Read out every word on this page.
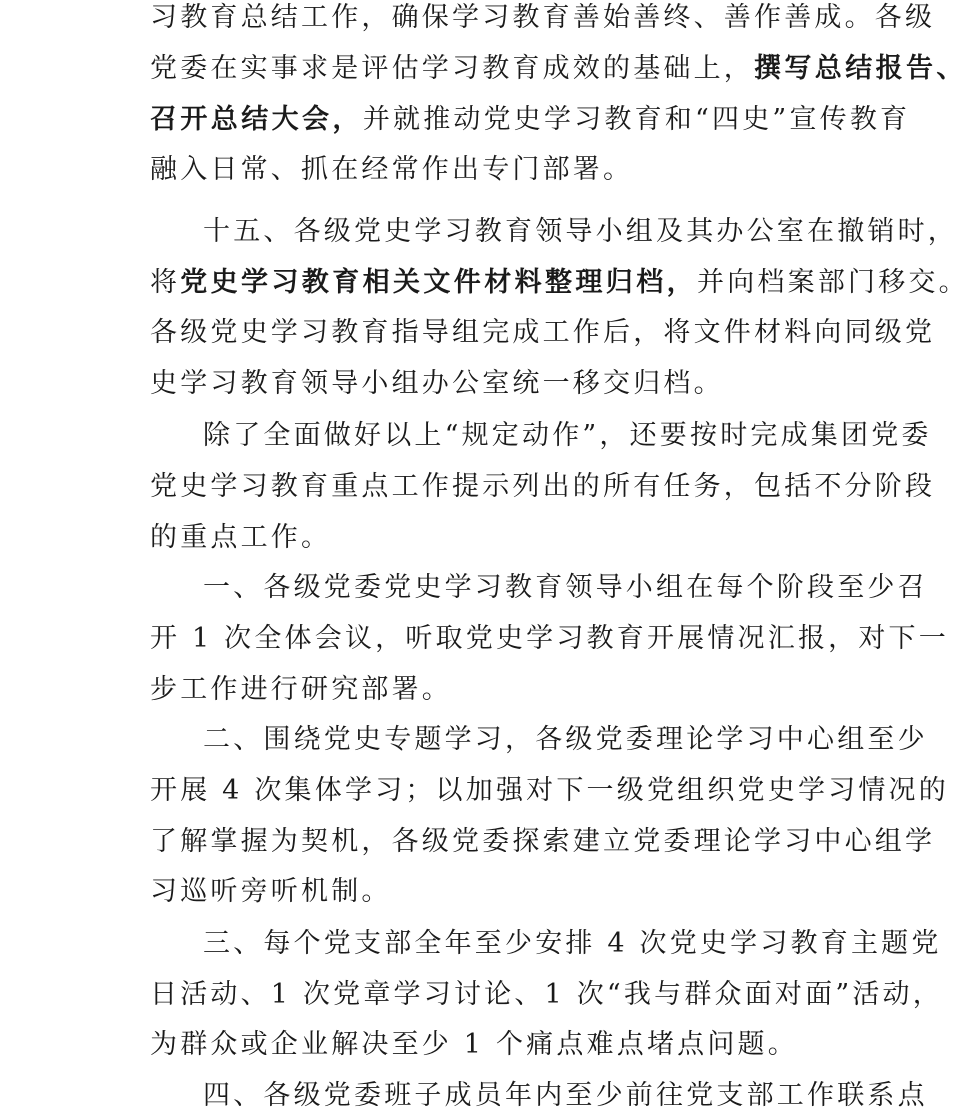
习教育总结工作，确保学习教育善始善终、善作善成。各级
党委在实事求是评估学习教育成效的基础上，撰写总结报告、
召开总结大会，并就推动党史学习教育和“四史”宣传教育
融入日常、抓在经常作出专门部署。
十五、各级党史学习教育领导小组及其办公室在撤销时，
将党史学习教育相关文件材料整理归档，并向档案部门移交。
各级党史学习教育指导组完成工作后，将文件材料向同级党
史学习教育领导小组办公室统一移交归档。
除了全面做好以上“规定动作”，还要按时完成集团党委
党史学习教育重点工作提示列出的所有任务，包括不分阶段
的重点工作。
一、各级党委党史学习教育领导小组在每个阶段至少召
开 1 次全体会议，听取党史学习教育开展情况汇报，对下一
步工作进行研究部署。
二、围绕党史专题学习，各级党委理论学习中心组至少
开展 4 次集体学习；以加强对下一级党组织党史学习情况的
了解掌握为契机，各级党委探索建立党委理论学习中心组学
习巡听旁听机制。
三、每个党支部全年至少安排 4 次党史学习教育主题党
日活动、1 次党章学习讨论、1 次“我与群众面对面”活动，
为群众或企业解决至少 1 个痛点难点堵点问题。
四、各级党委班子成员年内至少前往党支部工作联系点
